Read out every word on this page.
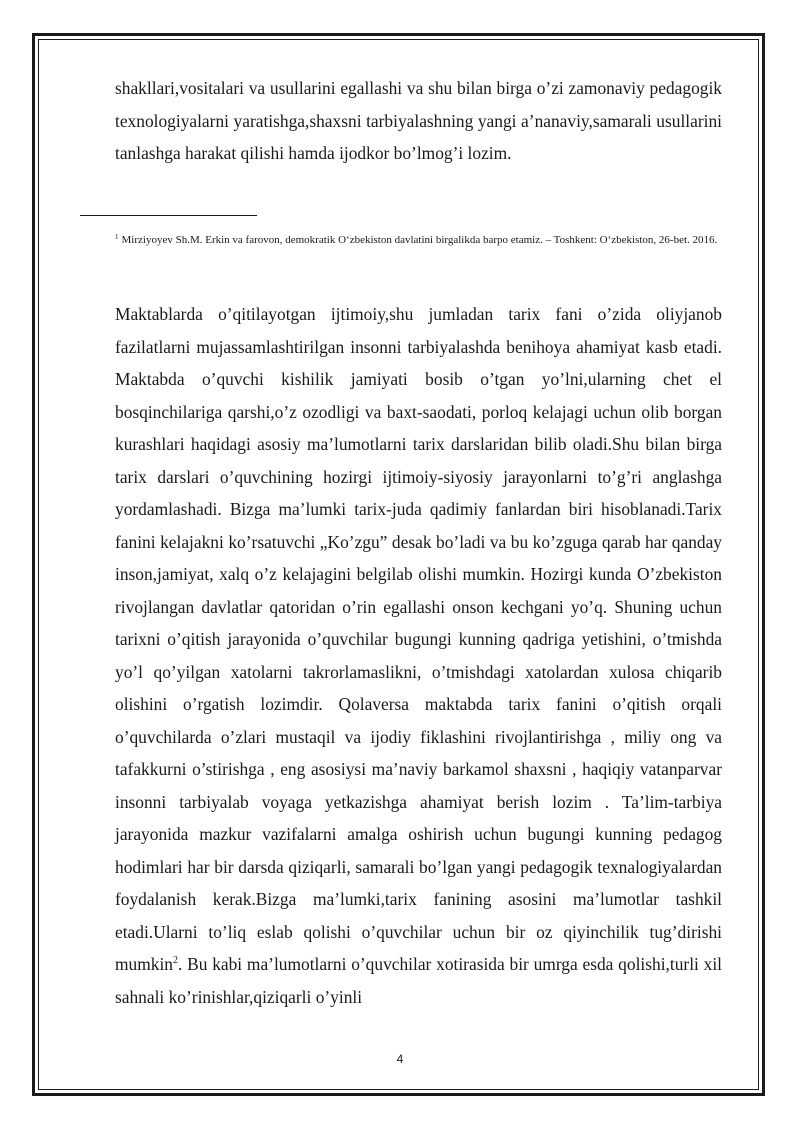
shakllari,vositalari va usullarini egallashi va shu bilan birga o’zi zamonaviy pedagogik texnologiyalarni yaratishga,shaxsni tarbiyalashning yangi a’nanaviy,samarali usullarini tanlashga harakat qilishi hamda ijodkor bo’lmog’i lozim.
$^1$ Mirziyoyev Sh.M. Erkin va farovon, demokratik O‘zbekiston davlatini birgalikda barpo etamiz. – Toshkent: O‘zbekiston, 26-bet. 2016.
Maktablarda o’qitilayotgan ijtimoiy,shu jumladan tarix fani o’zida oliyjanob fazilatlarni mujassamlashtirilgan insonni tarbiyalashda benihoya ahamiyat kasb etadi. Maktabda o’quvchi kishilik jamiyati bosib o’tgan yo’lni,ularning chet el bosqinchilariga qarshi,o’z ozodligi va baxt-saodati, porloq kelajagi uchun olib borgan kurashlari haqidagi asosiy ma’lumotlarni tarix darslaridan bilib oladi.Shu bilan birga tarix darslari o’quvchining hozirgi ijtimoiy-siyosiy jarayonlarni to’g’ri anglashga yordamlashadi. Bizga ma’lumki tarix-juda qadimiy fanlardan biri hisoblanadi.Tarix fanini kelajakni ko’rsatuvchi „Ko’zgu” desak bo’ladi va bu ko’zguga qarab har qanday inson,jamiyat, xalq o’z kelajagini belgilab olishi mumkin. Hozirgi kunda O’zbekiston rivojlangan davlatlar qatoridan o’rin egallashi onson kechgani yo’q. Shuning uchun tarixni o’qitish jarayonida o’quvchilar bugungi kunning qadriga yetishini, o’tmishda yo’l qo’yilgan xatolarni takrorlamaslikni, o’tmishdagi xatolardan xulosa chiqarib olishini o’rgatish lozimdir. Qolaversa maktabda tarix fanini o’qitish orqali o’quvchilarda o’zlari mustaqil va ijodiy fiklashini rivojlantirishga , miliy ong va tafakkurni o’stirishga , eng asosiysi ma’naviy barkamol shaxsni , haqiqiy vatanparvar insonni tarbiyalab voyaga yetkazishga ahamiyat berish lozim . Ta’lim-tarbiya jarayonida mazkur vazifalarni amalga oshirish uchun bugungi kunning pedagog hodimlari har bir darsda qiziqarli, samarali bo’lgan yangi pedagogik texnalogiyalardan foydalanish kerak.Bizga ma’lumki,tarix fanining asosini ma’lumotlar tashkil etadi.Ularni to’liq eslab qolishi o’quvchilar uchun bir oz qiyinchilik tug’dirishi mumkin$^2$. Bu kabi ma’lumotlarni o’quvchilar xotirasida bir umrga esda qolishi,turli xil sahnali ko’rinishlar,qiziqarli o’yinli
4
